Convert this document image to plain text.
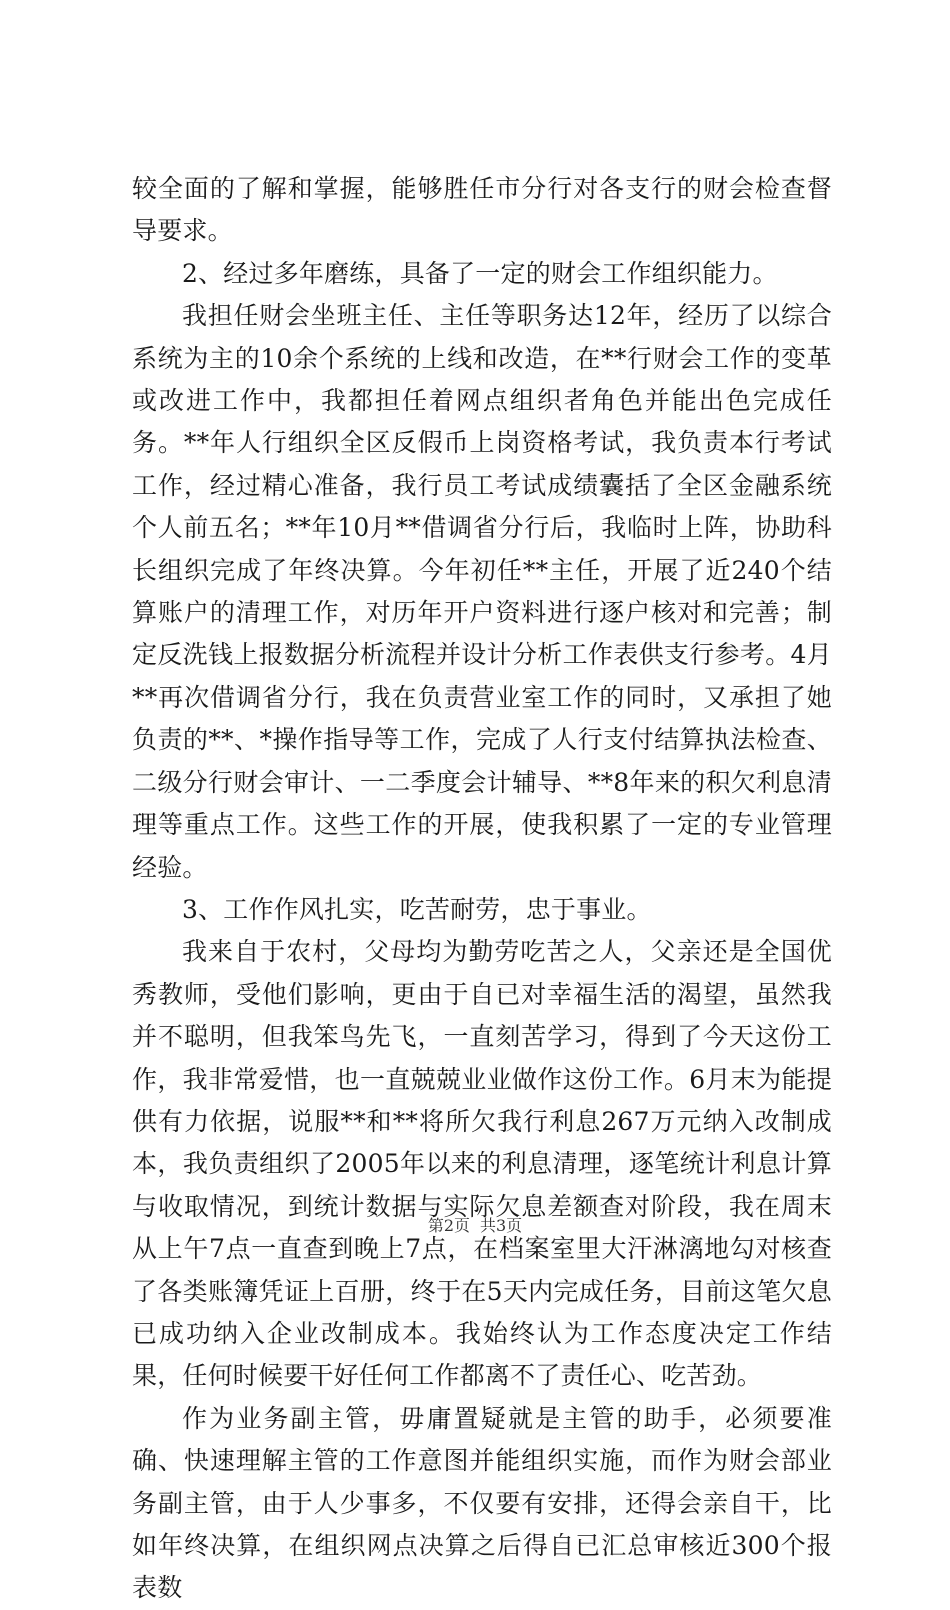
较全面的了解和掌握，能够胜任市分行对各支行的财会检查督导要求。

2、经过多年磨练，具备了一定的财会工作组织能力。

我担任财会坐班主任、主任等职务达12年，经历了以综合系统为主的10余个系统的上线和改造，在**行财会工作的变革或改进工作中，我都担任着网点组织者角色并能出色完成任务。**年人行组织全区反假币上岗资格考试，我负责本行考试工作，经过精心准备，我行员工考试成绩囊括了全区金融系统个人前五名；**年10月**借调省分行后，我临时上阵，协助科长组织完成了年终决算。今年初任**主任，开展了近240个结算账户的清理工作，对历年开户资料进行逐户核对和完善；制定反洗钱上报数据分析流程并设计分析工作表供支行参考。4月**再次借调省分行，我在负责营业室工作的同时，又承担了她负责的**、*操作指导等工作，完成了人行支付结算执法检查、二级分行财会审计、一二季度会计辅导、**8年来的积欠利息清理等重点工作。这些工作的开展，使我积累了一定的专业管理经验。

3、工作作风扎实，吃苦耐劳，忠于事业。

我来自于农村，父母均为勤劳吃苦之人，父亲还是全国优秀教师，受他们影响，更由于自已对幸福生活的渴望，虽然我并不聪明，但我笨鸟先飞，一直刻苦学习，得到了今天这份工作，我非常爱惜，也一直兢兢业业做作这份工作。6月末为能提供有力依据，说服**和**将所欠我行利息267万元纳入改制成本，我负责组织了2005年以来的利息清理，逐笔统计利息计算与收取情况，到统计数据与实际欠息差额查对阶段，我在周末从上午7点一直查到晚上7点，在档案室里大汗淋漓地勾对核查了各类账簿凭证上百册，终于在5天内完成任务，目前这笔欠息已成功纳入企业改制成本。我始终认为工作态度决定工作结果，任何时候要干好任何工作都离不了责任心、吃苦劲。

作为业务副主管，毋庸置疑就是主管的助手，必须要准确、快速理解主管的工作意图并能组织实施，而作为财会部业务副主管，由于人少事多，不仅要有安排，还得会亲自干，比如年终决算，在组织网点决算之后得自已汇总审核近300个报表数

第2页 共3页
